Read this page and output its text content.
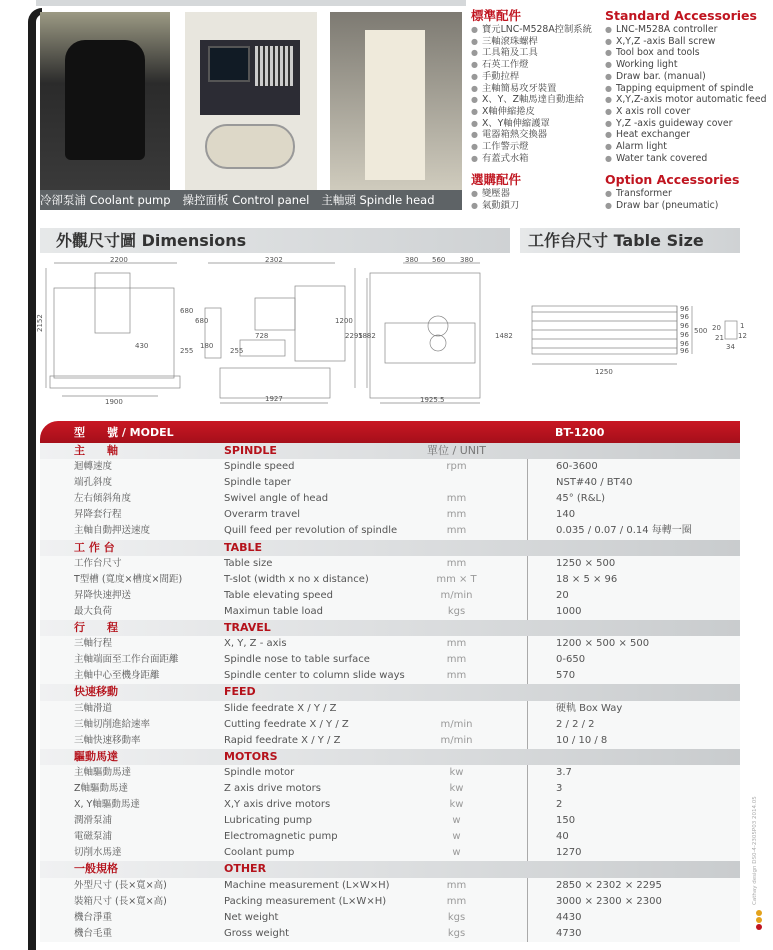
冷卻泵浦 Coolant pump 操控面板 Control panel 主軸頭 Spindle head
標準配件
● 寶元LNC-M528A控制系統
● 三軸滾珠螺桿
● 工具箱及工具
● 石英工作燈
● 手動拉桿
● 主軸簡易攻牙裝置
● X、Y、Z軸馬達自動進給
● X軸伸縮捲皮
● X、Y軸伸縮護罩
● 電器箱熱交換器
● 工作警示燈
● 有蓋式水箱
選購配件
● 變壓器
● 氣動鎖刀
Standard Accessories
● LNC-M528A controller
● X,Y,Z -axis Ball screw
● Tool box and tools
● Working light
● Draw bar. (manual)
● Tapping equipment of spindle
● X,Y,Z-axis motor automatic feed
● X axis roll cover
● Y,Z -axis guideway cover
● Heat exchanger
● Alarm light
● Water tank covered
Option Accessories
● Transformer
● Draw bar (pneumatic)
外觀尺寸圖 Dimensions	工作台尺寸 Table Size
2200
2152
680
430
255
1900
2302
680
180
728
255
1200
2295
1927
380 560 380
1882	1482
1925.5
96
96
96
96
96
96
500
1250
20
21
1
12
34
型　　號 / MODEL	BT-1200
主　　軸	SPINDLE	單位 / UNIT
迴轉速度	Spindle speed	rpm	60-3600
端孔斜度	Spindle taper	NST#40 / BT40
左右傾斜角度	Swivel angle of head	mm	45° (R&L)
昇降套行程	Overarm travel	mm	140
主軸自動押送速度	Quill feed per revolution of spindle	mm	0.035 / 0.07 / 0.14 每轉一圈
工 作 台	TABLE
工作台尺寸	Table size	mm	1250 × 500
T型槽 (寬度×槽度×間距)	T-slot (width x no x distance)	mm × T	18 × 5 × 96
昇降快速押送	Table elevating speed	m/min	20
最大負荷	Maximun table load	kgs	1000
行　　程	TRAVEL
三軸行程	X, Y, Z - axis	mm	1200 × 500 × 500
主軸端面至工作台面距離	Spindle nose to table surface	mm	0-650
主軸中心至機身距離	Spindle center to column slide ways	mm	570
快速移動	FEED
三軸滑道	Slide feedrate X / Y / Z	硬軌 Box Way
三軸切削進給速率	Cutting feedrate X / Y / Z	m/min	2 / 2 / 2
三軸快速移動率	Rapid feedrate X / Y / Z	m/min	10 / 10 / 8
驅動馬達	MOTORS
主軸驅動馬達	Spindle motor	kw	3.7
Z軸驅動馬達	Z axis drive motors	kw	3
X, Y軸驅動馬達	X,Y axis drive motors	kw	2
潤滑泵浦	Lubricating pump	w	150
電磁泵浦	Electromagnetic pump	w	40
切削水馬達	Coolant pump	w	1270
一般規格	OTHER
外型尺寸 (長×寬×高)	Machine measurement (L×W×H)	mm	2850 × 2302 × 2295
裝箱尺寸 (長×寬×高)	Packing measurement (L×W×H)	mm	3000 × 2300 × 2300
機台淨重	Net weight	kgs	4430
機台毛重	Gross weight	kgs	4730
Cathay design DS0-4-2305P03 2014.05
